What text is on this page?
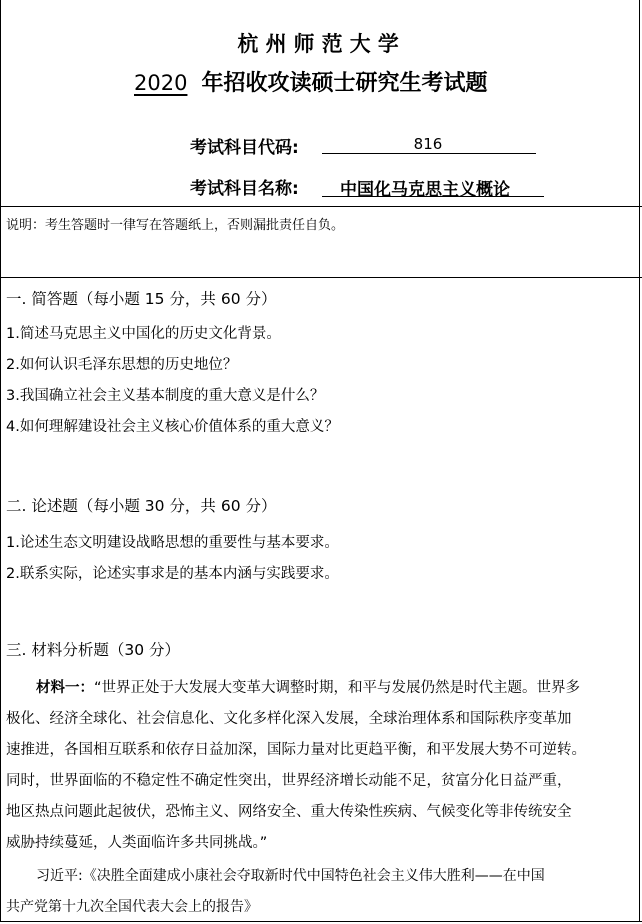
杭 州 师 范 大 学
2020 年招收攻读硕士研究生考试题
考试科目代码:	816
考试科目名称: 中国化马克思主义概论
说明：考生答题时一律写在答题纸上，否则漏批责任自负。
一. 简答题（每小题 15 分，共 60 分）
1.简述马克思主义中国化的历史文化背景。
2.如何认识毛泽东思想的历史地位？
3.我国确立社会主义基本制度的重大意义是什么？
4.如何理解建设社会主义核心价值体系的重大意义？
二. 论述题（每小题 30 分，共 60 分）
1.论述生态文明建设战略思想的重要性与基本要求。
2.联系实际，论述实事求是的基本内涵与实践要求。
三. 材料分析题（30 分）
材料一：“世界正处于大发展大变革大调整时期，和平与发展仍然是时代主题。世界多
极化、经济全球化、社会信息化、文化多样化深入发展，全球治理体系和国际秩序变革加
速推进，各国相互联系和依存日益加深，国际力量对比更趋平衡，和平发展大势不可逆转。
同时，世界面临的不稳定性不确定性突出，世界经济增长动能不足，贫富分化日益严重，
地区热点问题此起彼伏，恐怖主义、网络安全、重大传染性疾病、气候变化等非传统安全
威胁持续蔓延，人类面临许多共同挑战。”
习近平:《决胜全面建成小康社会夺取新时代中国特色社会主义伟大胜利——在中国
共产党第十九次全国代表大会上的报告》
